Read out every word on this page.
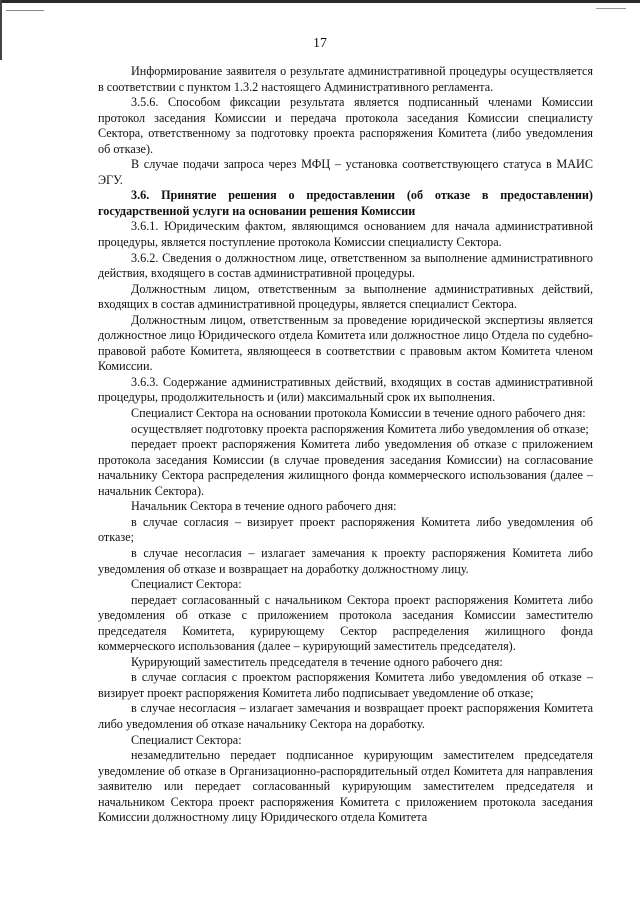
17

Информирование заявителя о результате административной процедуры осуществляется в соответствии с пунктом 1.3.2 настоящего Административного регламента.

3.5.6. Способом фиксации результата является подписанный членами Комиссии протокол заседания Комиссии и передача протокола заседания Комиссии специалисту Сектора, ответственному за подготовку проекта распоряжения Комитета (либо уведомления об отказе).

В случае подачи запроса через МФЦ – установка соответствующего статуса в МАИС ЭГУ.

3.6. Принятие решения о предоставлении (об отказе в предоставлении) государственной услуги на основании решения Комиссии

3.6.1. Юридическим фактом, являющимся основанием для начала административной процедуры, является поступление протокола Комиссии специалисту Сектора.

3.6.2. Сведения о должностном лице, ответственном за выполнение административного действия, входящего в состав административной процедуры.

Должностным лицом, ответственным за выполнение административных действий, входящих в состав административной процедуры, является специалист Сектора.

Должностным лицом, ответственным за проведение юридической экспертизы является должностное лицо Юридического отдела Комитета или должностное лицо Отдела по судебно-правовой работе Комитета, являющееся в соответствии с правовым актом Комитета членом Комиссии.

3.6.3. Содержание административных действий, входящих в состав административной процедуры, продолжительность и (или) максимальный срок их выполнения.

Специалист Сектора на основании протокола Комиссии в течение одного рабочего дня:

осуществляет подготовку проекта распоряжения Комитета либо уведомления об отказе;

передает проект распоряжения Комитета либо уведомления об отказе с приложением протокола заседания Комиссии (в случае проведения заседания Комиссии) на согласование начальнику Сектора распределения жилищного фонда коммерческого использования (далее – начальник Сектора).

Начальник Сектора в течение одного рабочего дня:

в случае согласия – визирует проект распоряжения Комитета либо уведомления об отказе;

в случае несогласия – излагает замечания к проекту распоряжения Комитета либо уведомления об отказе и возвращает на доработку должностному лицу.

Специалист Сектора:

передает согласованный с начальником Сектора проект распоряжения Комитета либо уведомления об отказе с приложением протокола заседания Комиссии заместителю председателя Комитета, курирующему Сектор распределения жилищного фонда коммерческого использования (далее – курирующий заместитель председателя).

Курирующий заместитель председателя в течение одного рабочего дня:

в случае согласия с проектом распоряжения Комитета либо уведомления об отказе – визирует проект распоряжения Комитета либо подписывает уведомление об отказе;

в случае несогласия – излагает замечания и возвращает проект распоряжения Комитета либо уведомления об отказе начальнику Сектора на доработку.

Специалист Сектора:

незамедлительно передает подписанное курирующим заместителем председателя уведомление об отказе в Организационно-распорядительный отдел Комитета для направления заявителю или передает согласованный курирующим заместителем председателя и начальником Сектора проект распоряжения Комитета с приложением протокола заседания Комиссии должностному лицу Юридического отдела Комитета
